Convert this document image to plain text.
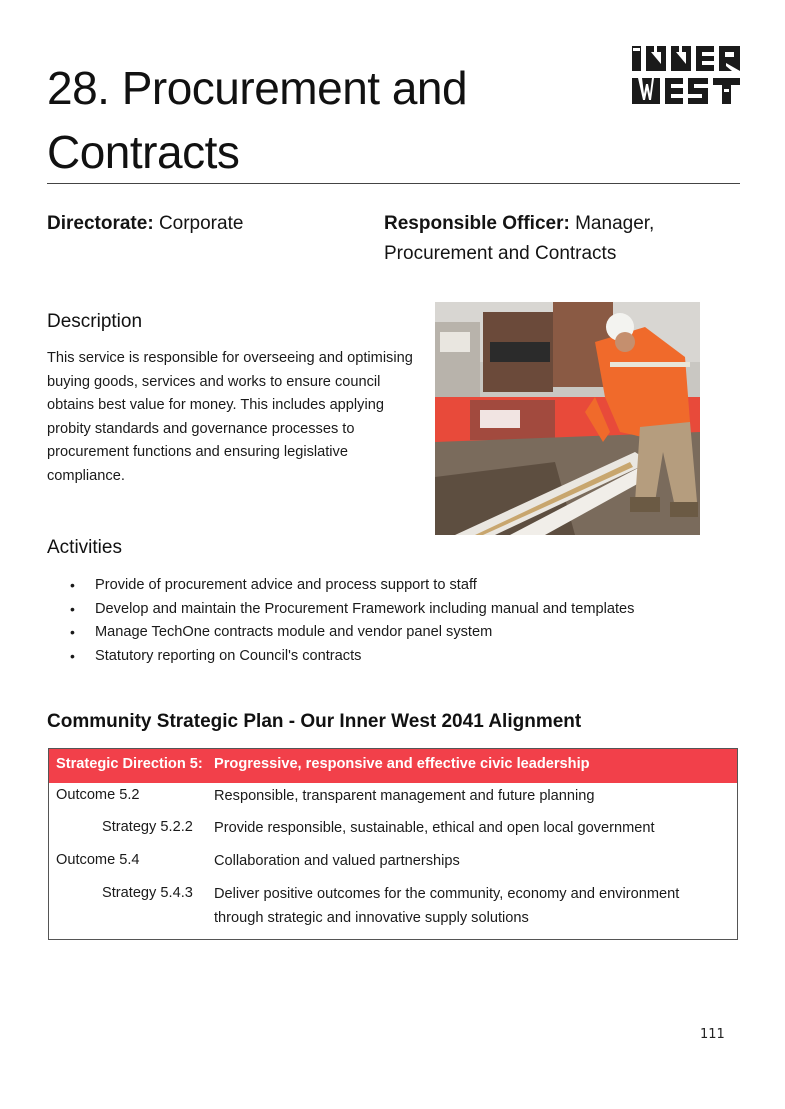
28. Procurement and Contracts
Directorate: Corporate	Responsible Officer: Manager, Procurement and Contracts
Description

This service is responsible for overseeing and optimising buying goods, services and works to ensure council obtains best value for money. This includes applying probity standards and governance processes to procurement functions and ensuring legislative compliance.

Activities
• Provide of procurement advice and process support to staff
• Develop and maintain the Procurement Framework including manual and templates
• Manage TechOne contracts module and vendor panel system
• Statutory reporting on Council's contracts
Community Strategic Plan - Our Inner West 2041 Alignment
Strategic Direction 5: Progressive, responsive and effective civic leadership
Outcome 5.2	Responsible, transparent management and future planning
Strategy 5.2.2 Provide responsible, sustainable, ethical and open local government
Outcome 5.4	Collaboration and valued partnerships
Strategy 5.4.3 Deliver positive outcomes for the community, economy and environment through strategic and innovative supply solutions
111
